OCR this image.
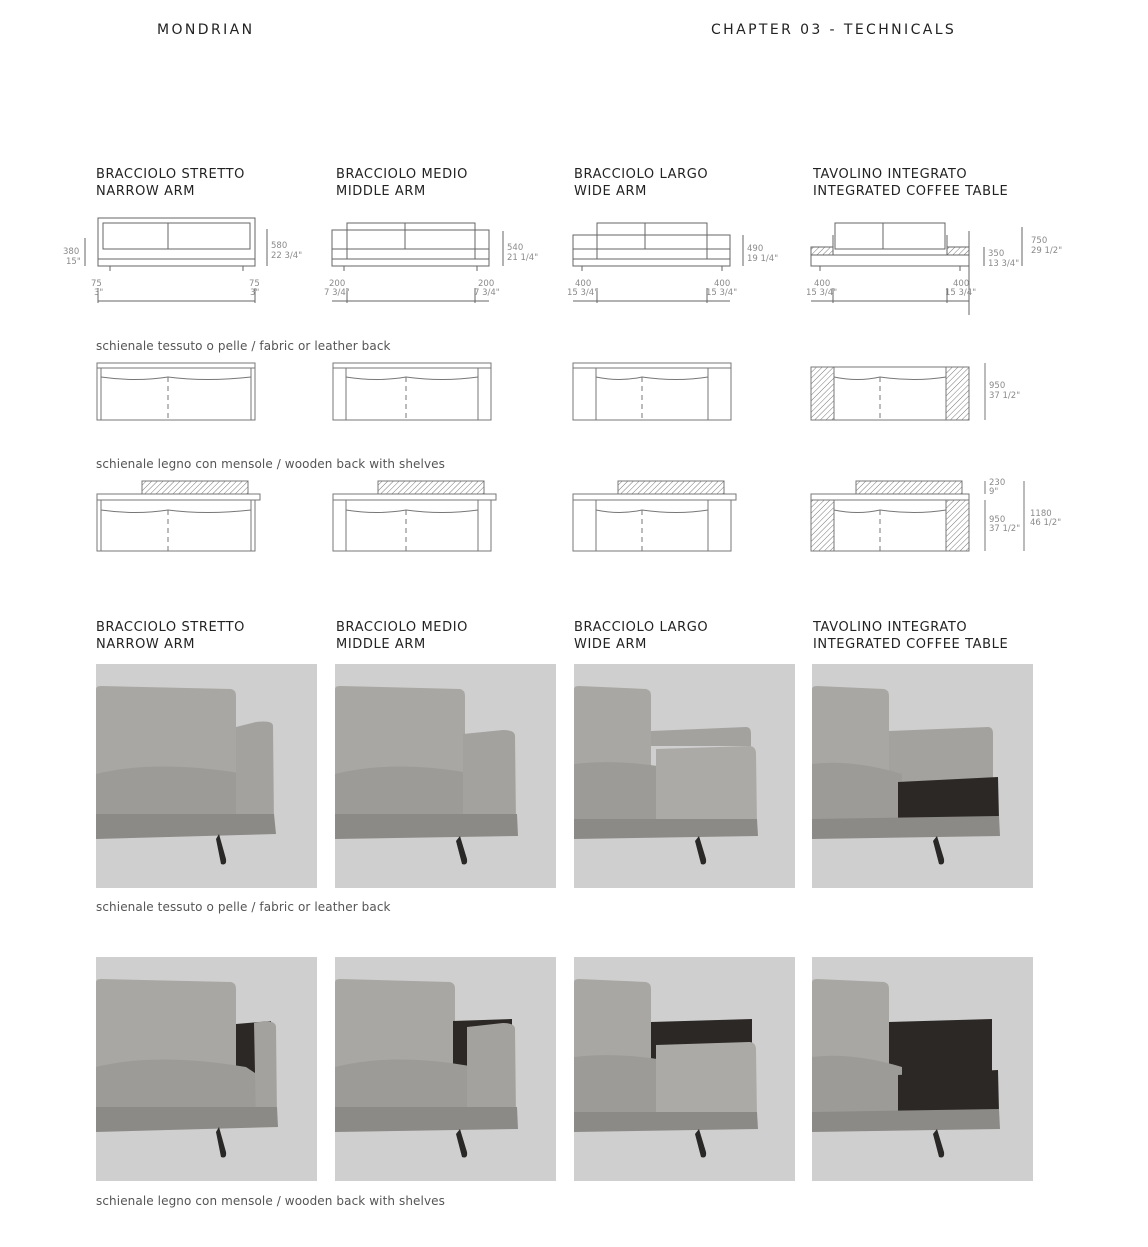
MONDRIAN	CHAPTER 03 - TECHNICALS
BRACCIOLO STRETTO
NARROW ARM
BRACCIOLO MEDIO
MIDDLE ARM
BRACCIOLO LARGO
WIDE ARM
TAVOLINO INTEGRATO
INTEGRATED COFFEE TABLE
380
15"
580
22 3/4"
75
3"
75
3"
540
21 1/4"
200
7 3/4"
200
7 3/4"
490
19 1/4"
400
15 3/4"
400
15 3/4"
350
13 3/4"
750
29 1/2"
400
15 3/4"
400
15 3/4"
schienale tessuto o pelle / fabric or leather back
950
37 1/2"
schienale legno con mensole / wooden back with shelves
230
9"
950
37 1/2"
1180
46 1/2"
BRACCIOLO STRETTO
NARROW ARM
BRACCIOLO MEDIO
MIDDLE ARM
BRACCIOLO LARGO
WIDE ARM
TAVOLINO INTEGRATO
INTEGRATED COFFEE TABLE
schienale tessuto o pelle / fabric or leather back
schienale legno con mensole / wooden back with shelves
